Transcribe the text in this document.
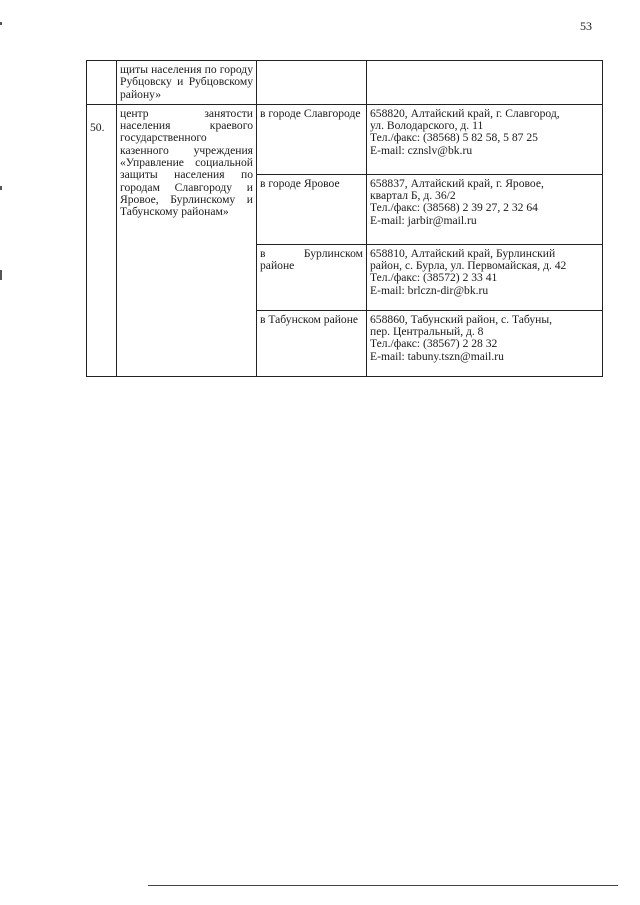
53
	щиты населения по городу Рубцовску и Рубцовскому району»		
50.	центр занятости населения краевого государственного казенного учреждения «Управление социальной защиты населения по городам Славгороду и Яровое, Бурлинскому и Табунскому районам»	в городе Славгороде	658820, Алтайский край, г. Славгород,
ул. Володарского, д. 11
Тел./факс: (38568) 5 82 58, 5 87 25
E-mail: cznslv@bk.ru

		в городе Яровое	658837, Алтайский край, г. Яровое,
квартал Б, д. 36/2
Тел./факс: (38568) 2 39 27, 2 32 64
E-mail: jarbir@mail.ru

		в Бурлинском районе	658810, Алтайский край, Бурлинский
район, с. Бурла, ул. Первомайская, д. 42
Тел./факс: (38572) 2 33 41
E-mail: brlczn-dir@bk.ru

		в Табунском районе	658860, Табунский район, с. Табуны,
пер. Центральный, д. 8
Тел./факс: (38567) 2 28 32
E-mail: tabuny.tszn@mail.ru
